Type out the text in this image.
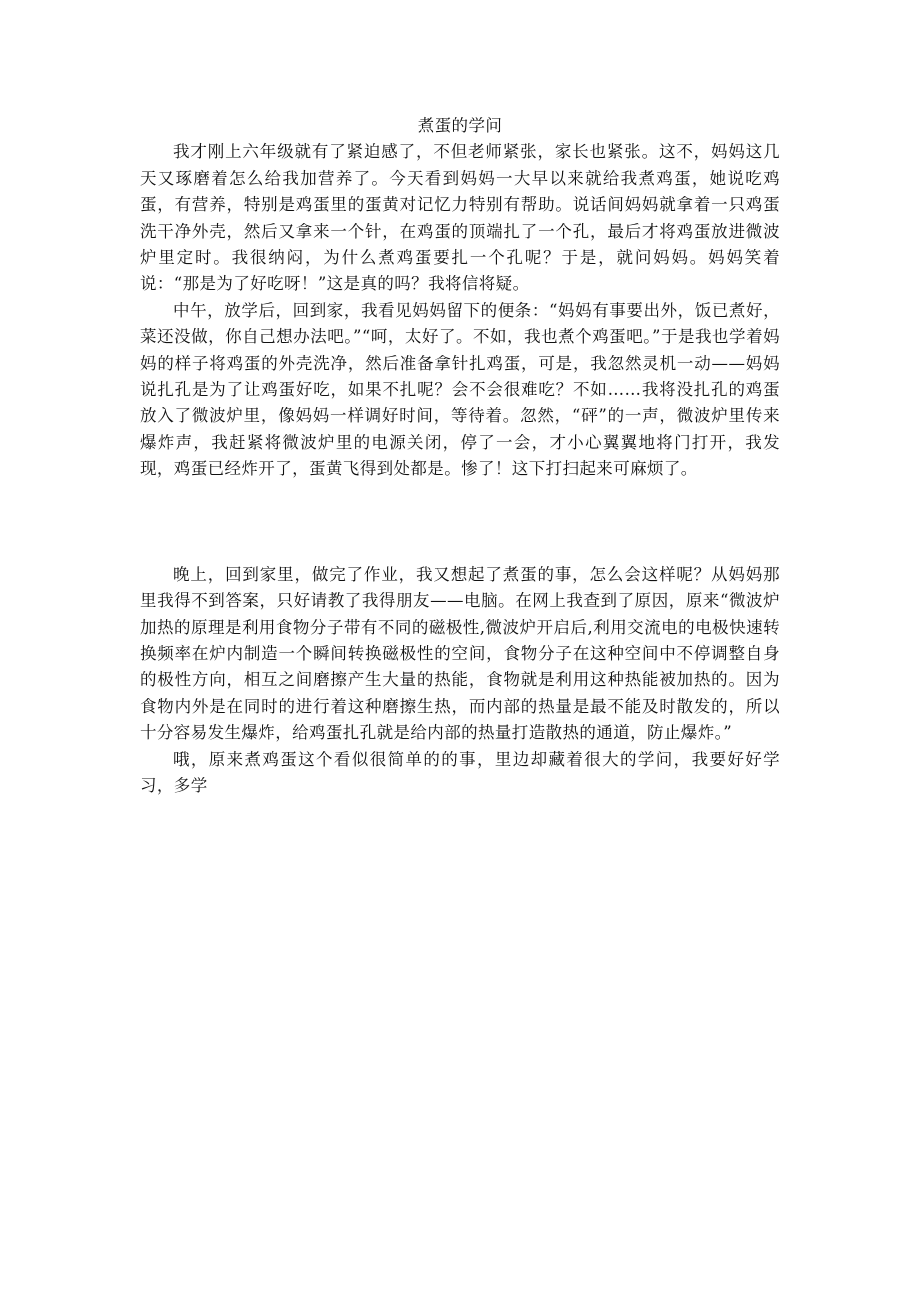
煮蛋的学问

我才刚上六年级就有了紧迫感了，不但老师紧张，家长也紧张。这不，妈妈这几天又琢磨着怎么给我加营养了。今天看到妈妈一大早以来就给我煮鸡蛋，她说吃鸡蛋，有营养，特别是鸡蛋里的蛋黄对记忆力特别有帮助。说话间妈妈就拿着一只鸡蛋洗干净外壳，然后又拿来一个针，在鸡蛋的顶端扎了一个孔，最后才将鸡蛋放进微波炉里定时。我很纳闷，为什么煮鸡蛋要扎一个孔呢？于是，就问妈妈。妈妈笑着说：“那是为了好吃呀！”这是真的吗？我将信将疑。

中午，放学后，回到家，我看见妈妈留下的便条：“妈妈有事要出外，饭已煮好，菜还没做，你自己想办法吧。”“呵，太好了。不如，我也煮个鸡蛋吧。”于是我也学着妈妈的样子将鸡蛋的外壳洗净，然后准备拿针扎鸡蛋，可是，我忽然灵机一动——妈妈说扎孔是为了让鸡蛋好吃，如果不扎呢？会不会很难吃？不如……我将没扎孔的鸡蛋放入了微波炉里，像妈妈一样调好时间，等待着。忽然，“砰”的一声，微波炉里传来爆炸声，我赶紧将微波炉里的电源关闭，停了一会，才小心翼翼地将门打开，我发现，鸡蛋已经炸开了，蛋黄飞得到处都是。惨了！这下打扫起来可麻烦了。

晚上，回到家里，做完了作业，我又想起了煮蛋的事，怎么会这样呢？从妈妈那里我得不到答案，只好请教了我得朋友——电脑。在网上我查到了原因，原来“微波炉加热的原理是利用食物分子带有不同的磁极性,微波炉开启后,利用交流电的电极快速转换频率在炉内制造一个瞬间转换磁极性的空间，食物分子在这种空间中不停调整自身的极性方向，相互之间磨擦产生大量的热能，食物就是利用这种热能被加热的。因为食物内外是在同时的进行着这种磨擦生热，而内部的热量是最不能及时散发的，所以十分容易发生爆炸，给鸡蛋扎孔就是给内部的热量打造散热的通道，防止爆炸。”

哦，原来煮鸡蛋这个看似很简单的的事，里边却藏着很大的学问，我要好好学习，多学
